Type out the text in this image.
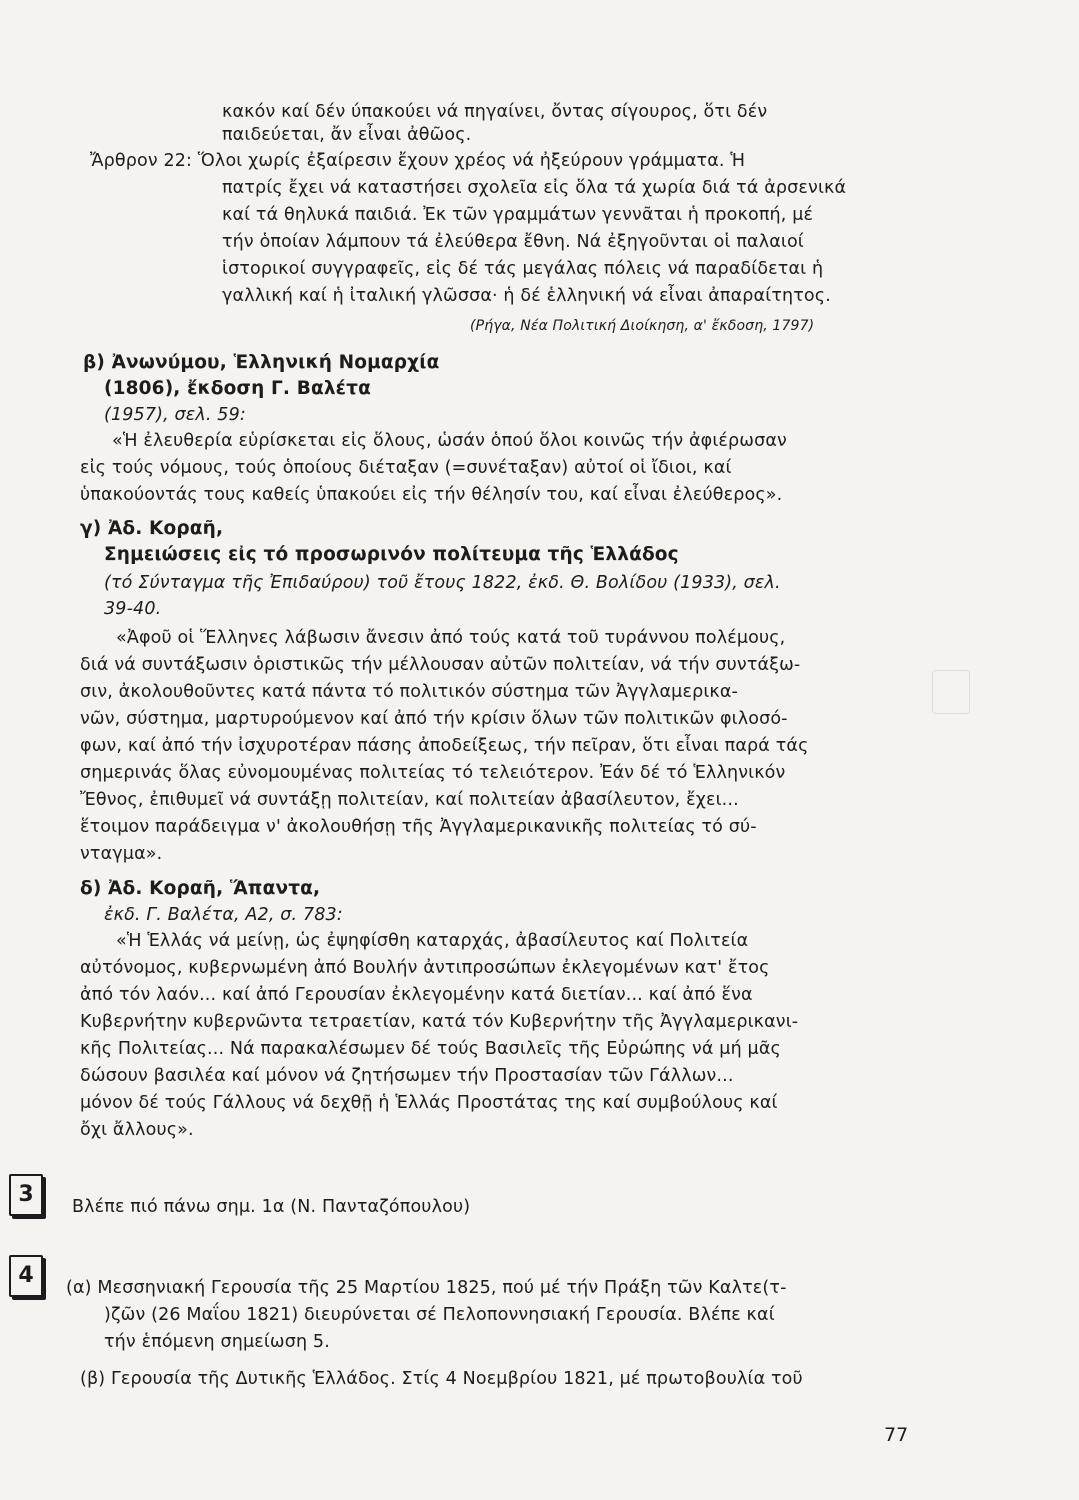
κακόν καί δέν ύπακούει νά πηγαίνει, ὄντας σίγουρος, ὅτι δέν
παιδεύεται, ἄν εἶναι ἀθῶος.
Ἄρθρον 22: Ὅλοι χωρίς ἐξαίρεσιν ἔχουν χρέος νά ἠξεύρουν γράμματα. Ἡ
πατρίς ἔχει νά καταστήσει σχολεῖα εἰς ὅλα τά χωρία διά τά ἀρσενικά
καί τά θηλυκά παιδιά. Ἐκ τῶν γραμμάτων γεννᾶται ἡ προκοπή, μέ
τήν ὁποίαν λάμπουν τά ἐλεύθερα ἔθνη. Νά ἐξηγοῦνται οἱ παλαιοί
ἱστορικοί συγγραφεῖς, εἰς δέ τάς μεγάλας πόλεις νά παραδίδεται ἡ
γαλλική καί ἡ ἰταλική γλῶσσα· ἡ δέ ἑλληνική νά εἶναι ἀπαραίτητος.
(Ρήγα, Νέα Πολιτική Διοίκηση, α' ἔκδοση, 1797)
β) Ἀνωνύμου, Ἑλληνική Νομαρχία
(1806), ἔκδοση Γ. Βαλέτα
(1957), σελ. 59:
«Ἡ ἐλευθερία εὑρίσκεται εἰς ὅλους, ὡσάν ὁπού ὅλοι κοινῶς τήν ἀφιέρωσαν
εἰς τούς νόμους, τούς ὁποίους διέταξαν (=συνέταξαν) αὐτοί οἱ ἴδιοι, καί
ὑπακούοντάς τους καθείς ὑπακούει εἰς τήν θέλησίν του, καί εἶναι ἐλεύθερος».
γ) Ἀδ. Κοραῆ,
Σημειώσεις εἰς τό προσωρινόν πολίτευμα τῆς Ἑλλάδος
(τό Σύνταγμα τῆς Ἐπιδαύρου) τοῦ ἔτους 1822, ἐκδ. Θ. Βολίδου (1933), σελ.
39-40.
«Ἀφοῦ οἱ Ἕλληνες λάβωσιν ἄνεσιν ἀπό τούς κατά τοῦ τυράννου πολέμους,
διά νά συντάξωσιν ὁριστικῶς τήν μέλλουσαν αὐτῶν πολιτείαν, νά τήν συντάξω-
σιν, ἀκολουθοῦντες κατά πάντα τό πολιτικόν σύστημα τῶν Ἀγγλαμερικα-
νῶν, σύστημα, μαρτυρούμενον καί ἀπό τήν κρίσιν ὅλων τῶν πολιτικῶν φιλοσό-
φων, καί ἀπό τήν ἰσχυροτέραν πάσης ἀποδείξεως, τήν πεῖραν, ὅτι εἶναι παρά τάς
σημερινάς ὅλας εὐνομουμένας πολιτείας τό τελειότερον. Ἐάν δέ τό Ἑλληνικόν
Ἔθνος, ἐπιθυμεῖ νά συντάξῃ πολιτείαν, καί πολιτείαν ἀβασίλευτον, ἔχει...
ἕτοιμον παράδειγμα ν' ἀκολουθήσῃ τῆς Ἀγγλαμερικανικῆς πολιτείας τό σύ-
νταγμα».
δ) Ἀδ. Κοραῆ, Ἅπαντα,
ἐκδ. Γ. Βαλέτα, Α2, σ. 783:
«Ἡ Ἑλλάς νά μείνῃ, ὡς ἐψηφίσθη καταρχάς, ἀβασίλευτος καί Πολιτεία
αὐτόνομος, κυβερνωμένη ἀπό Βουλήν ἀντιπροσώπων ἐκλεγομένων κατ' ἔτος
ἀπό τόν λαόν... καί ἀπό Γερουσίαν ἐκλεγομένην κατά διετίαν... καί ἀπό ἕνα
Κυβερνήτην κυβερνῶντα τετραετίαν, κατά τόν Κυβερνήτην τῆς Ἀγγλαμερικανι-
κῆς Πολιτείας... Νά παρακαλέσωμεν δέ τούς Βασιλεῖς τῆς Εὐρώπης νά μή μᾶς
δώσουν βασιλέα καί μόνον νά ζητήσωμεν τήν Προστασίαν τῶν Γάλλων...
μόνον δέ τούς Γάλλους νά δεχθῇ ἡ Ἑλλάς Προστάτας της καί συμβούλους καί
ὄχι ἄλλους».
3	Βλέπε πιό πάνω σημ. 1α (Ν. Πανταζόπουλου)
4	(α) Μεσσηνιακή Γερουσία τῆς 25 Μαρτίου 1825, πού μέ τήν Πράξη τῶν Καλτε(τ-
)ζῶν (26 Μαΐου 1821) διευρύνεται σέ Πελοποννησιακή Γερουσία. Βλέπε καί
τήν ἑπόμενη σημείωση 5.
(β) Γερουσία τῆς Δυτικῆς Ἑλλάδος. Στίς 4 Νοεμβρίου 1821, μέ πρωτοβουλία τοῦ
77
